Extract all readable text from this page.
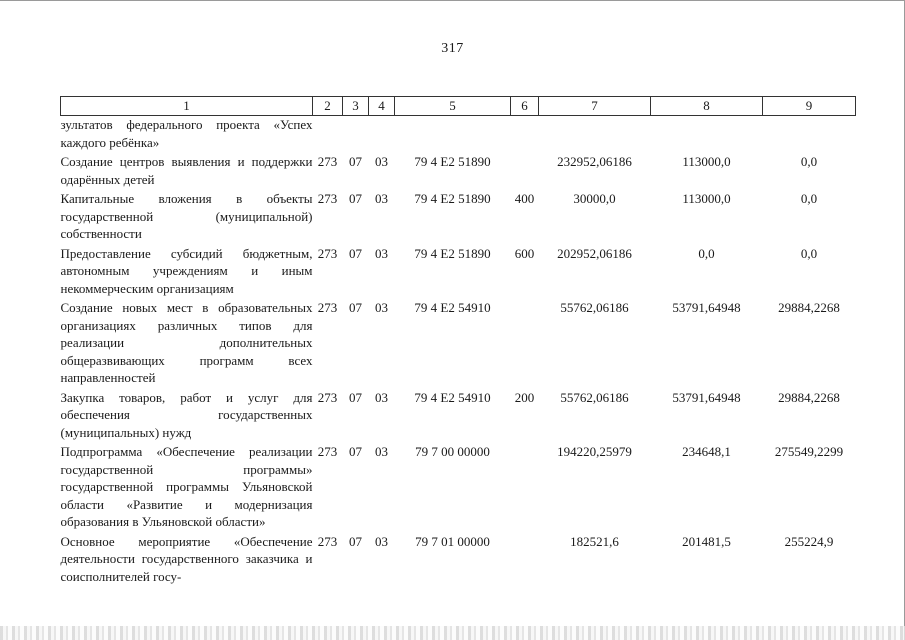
317
1	2	3	4	5	6	7	8	9
зультатов федерального проекта «Успех каждого ребёнка»								
Создание центров выявления и поддержки одарённых детей	273	07	03	79 4 E2 51890		232952,06186	113000,0	0,0
Капитальные вложения в объекты государственной (муниципальной) собственности	273	07	03	79 4 E2 51890	400	30000,0	113000,0	0,0
Предоставление субсидий бюджетным, автономным учреждениям и иным некоммерческим организациям	273	07	03	79 4 E2 51890	600	202952,06186	0,0	0,0
Создание новых мест в образовательных организациях различных типов для реализации дополнительных общеразвивающих программ всех направленностей	273	07	03	79 4 E2 54910		55762,06186	53791,64948	29884,2268
Закупка товаров, работ и услуг для обеспечения государственных (муниципальных) нужд	273	07	03	79 4 E2 54910	200	55762,06186	53791,64948	29884,2268
Подпрограмма «Обеспечение реализации государственной программы» государственной программы Ульяновской области «Развитие и модернизация образования в Ульяновской области»	273	07	03	79 7 00 00000		194220,25979	234648,1	275549,2299
Основное мероприятие «Обеспечение деятельности государственного заказчика и соисполнителей госу-	273	07	03	79 7 01 00000		182521,6	201481,5	255224,9
